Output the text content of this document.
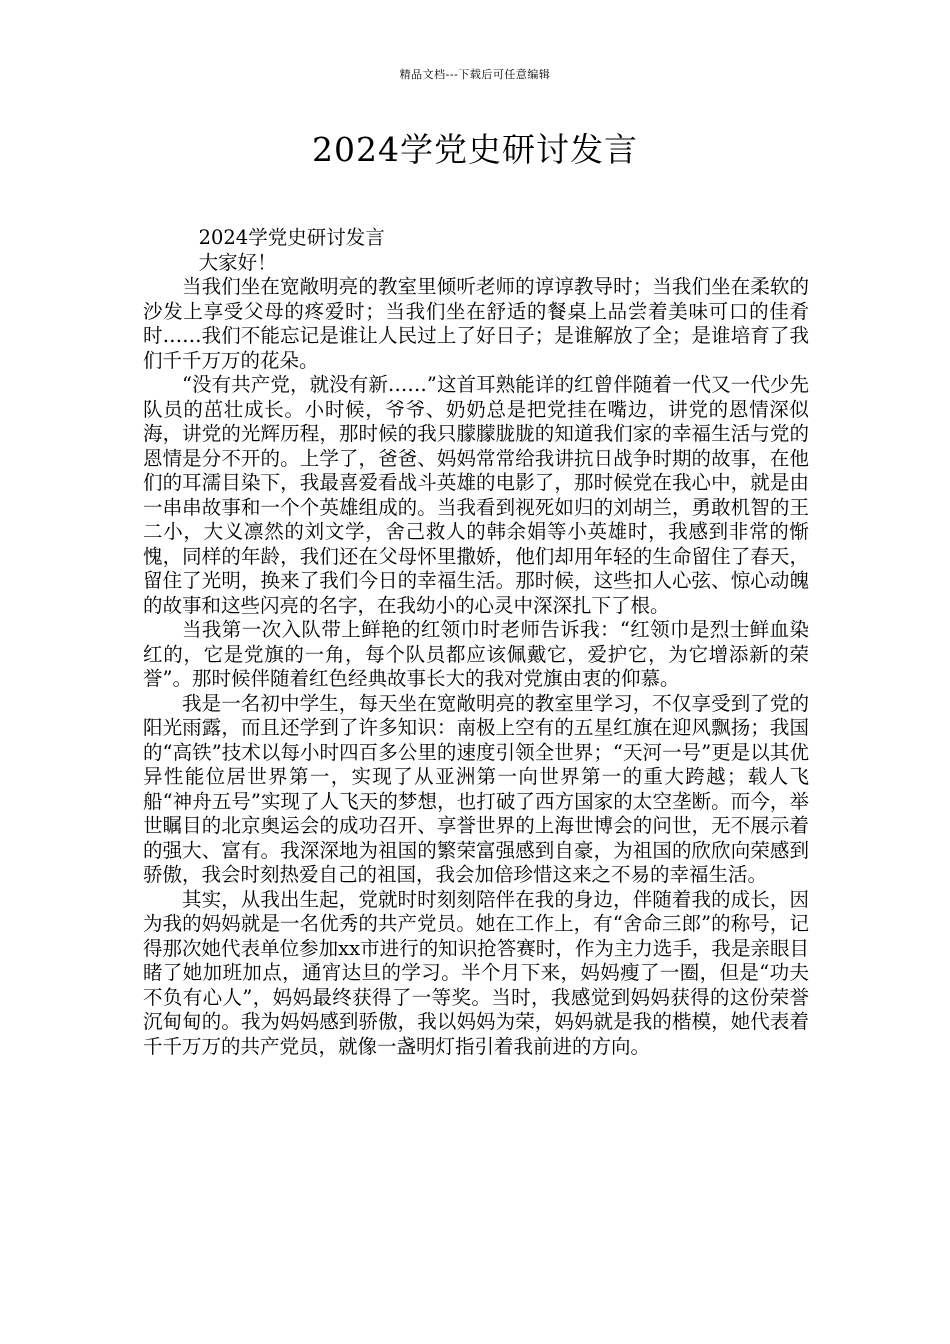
精品文档---下载后可任意编辑
2024学党史研讨发言

2024学党史研讨发言

大家好！

当我们坐在宽敞明亮的教室里倾听老师的谆谆教导时；当我们坐在柔软的沙发上享受父母的疼爱时；当我们坐在舒适的餐桌上品尝着美味可口的佳肴时……我们不能忘记是谁让人民过上了好日子；是谁解放了全；是谁培育了我们千千万万的花朵。

“没有共产党，就没有新……”这首耳熟能详的红曾伴随着一代又一代少先队员的茁壮成长。小时候，爷爷、奶奶总是把党挂在嘴边，讲党的恩情深似海，讲党的光辉历程，那时候的我只朦朦胧胧的知道我们家的幸福生活与党的恩情是分不开的。上学了，爸爸、妈妈常常给我讲抗日战争时期的故事，在他们的耳濡目染下，我最喜爱看战斗英雄的电影了，那时候党在我心中，就是由一串串故事和一个个英雄组成的。当我看到视死如归的刘胡兰，勇敢机智的王二小，大义凛然的刘文学，舍己救人的韩余娟等小英雄时，我感到非常的惭愧，同样的年龄，我们还在父母怀里撒娇，他们却用年轻的生命留住了春天，留住了光明，换来了我们今日的幸福生活。那时候，这些扣人心弦、惊心动魄的故事和这些闪亮的名字，在我幼小的心灵中深深扎下了根。

当我第一次入队带上鲜艳的红领巾时老师告诉我：“红领巾是烈士鲜血染红的，它是党旗的一角，每个队员都应该佩戴它，爱护它，为它增添新的荣誉”。那时候伴随着红色经典故事长大的我对党旗由衷的仰慕。

我是一名初中学生，每天坐在宽敞明亮的教室里学习，不仅享受到了党的阳光雨露，而且还学到了许多知识：南极上空有的五星红旗在迎风飘扬；我国的“高铁”技术以每小时四百多公里的速度引领全世界；“天河一号”更是以其优异性能位居世界第一，实现了从亚洲第一向世界第一的重大跨越；载人飞船“神舟五号”实现了人飞天的梦想，也打破了西方国家的太空垄断。而今，举世瞩目的北京奥运会的成功召开、享誉世界的上海世博会的问世，无不展示着的强大、富有。我深深地为祖国的繁荣富强感到自豪，为祖国的欣欣向荣感到骄傲，我会时刻热爱自己的祖国，我会加倍珍惜这来之不易的幸福生活。

其实，从我出生起，党就时时刻刻陪伴在我的身边，伴随着我的成长，因为我的妈妈就是一名优秀的共产党员。她在工作上，有“舍命三郎”的称号，记得那次她代表单位参加xx市进行的知识抢答赛时，作为主力选手，我是亲眼目睹了她加班加点，通宵达旦的学习。半个月下来，妈妈瘦了一圈，但是“功夫不负有心人”，妈妈最终获得了一等奖。当时，我感觉到妈妈获得的这份荣誉沉甸甸的。我为妈妈感到骄傲，我以妈妈为荣，妈妈就是我的楷模，她代表着千千万万的共产党员，就像一盏明灯指引着我前进的方向。
